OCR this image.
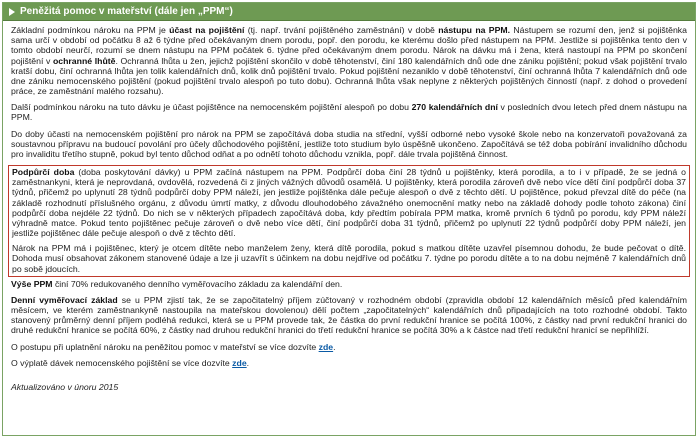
Peněžitá pomoc v mateřství (dále jen „PPM“)

Základní podmínkou nároku na PPM je účast na pojištění (tj. např. trvání pojištěného zaměstnání) v době nástupu na PPM. Nástupem se rozumí den, jenž si pojištěnka sama určí v období od počátku 8 až 6 týdne před očekávaným dnem porodu, popř. den porodu, ke kterému došlo před nástupem na PPM. Jestliže si pojištěnka tento den v tomto období neurčí, rozumí se dnem nástupu na PPM počátek 6. týdne před očekávaným dnem porodu. Nárok na dávku má i žena, která nastoupí na PPM po skončení pojištění v ochranné lhůtě. Ochranná lhůta u žen, jejichž pojištění skončilo v době těhotenství, činí 180 kalendářních dnů ode dne zániku pojištění; pokud však pojištění trvalo kratší dobu, činí ochranná lhůta jen tolik kalendářních dnů, kolik dnů pojištění trvalo. Pokud pojištění nezaniklo v době těhotenství, činí ochranná lhůta 7 kalendářních dnů ode dne zániku nemocenského pojištění (pokud pojištění trvalo alespoň po tuto dobu). Ochranná lhůta však neplyne z některých pojištěných činností (např. z dohod o provedení práce, ze zaměstnání malého rozsahu).

Další podmínkou nároku na tuto dávku je účast pojištěnce na nemocenském pojištění alespoň po dobu 270 kalendářních dní v posledních dvou letech před dnem nástupu na PPM.

Do doby účasti na nemocenském pojištění pro nárok na PPM se započítává doba studia na střední, vyšší odborné nebo vysoké škole nebo na konzervatoři považovaná za soustavnou přípravu na budoucí povolání pro účely důchodového pojištění, jestliže toto studium bylo úspěšně ukončeno. Započítává se též doba pobírání invalidního důchodu pro invaliditu třetího stupně, pokud byl tento důchod odňat a po odnětí tohoto důchodu vznikla, popř. dále trvala pojištěná činnost.

Podpůrčí doba (doba poskytování dávky) u PPM začíná nástupem na PPM. Podpůrčí doba činí 28 týdnů u pojištěnky, která porodila, a to i v případě, že se jedná o zaměstnankyni, která je neprovdaná, ovdovělá, rozvedená či z jiných vážných důvodů osamělá. U pojištěnky, která porodila zároveň dvě nebo více dětí činí podpůrčí doba 37 týdnů, přičemž po uplynutí 28 týdnů podpůrčí doby PPM náleží, jen jestliže pojištěnka dále pečuje alespoň o dvě z těchto dětí. U pojištěnce, pokud převzal dítě do péče (na základě rozhodnutí příslušného orgánu, z důvodu úmrtí matky, z důvodu dlouhodobého závažného onemocnění matky nebo na základě dohody podle tohoto zákona) činí podpůrčí doba nejdéle 22 týdnů. Do nich se v některých případech započítává doba, kdy předtím pobírala PPM matka, kromě prvních 6 týdnů po porodu, kdy PPM náleží výhradně matce. Pokud tento pojištěnec pečuje zároveň o dvě nebo více dětí, činí podpůrčí doba 31 týdnů, přičemž po uplynutí 22 týdnů podpůrčí doby PPM náleží, jen jestliže pojištěnec dále pečuje alespoň o dvě z těchto dětí.

Nárok na PPM má i pojištěnec, který je otcem dítěte nebo manželem ženy, která dítě porodila, pokud s matkou dítěte uzavřel písemnou dohodu, že bude pečovat o dítě. Dohoda musí obsahovat zákonem stanovené údaje a lze ji uzavřít s účinkem na dobu nejdříve od počátku 7. týdne po porodu dítěte a to na dobu nejméně 7 kalendářních dnů po sobě jdoucích.

Výše PPM činí 70% redukovaného denního vyměřovacího základu za kalendářní den.

Denní vyměřovací základ se u PPM zjistí tak, že se započitatelný příjem zúčtovaný v rozhodném období (zpravidla období 12 kalendářních měsíců před kalendářním měsícem, ve kterém zaměstnankyně nastoupila na mateřskou dovolenou) dělí počtem „započitatelných“ kalendářních dnů připadajících na toto rozhodné období. Takto stanovený průměrný denní příjem podléhá redukci, která se u PPM provede tak, že částka do první redukční hranice se počítá 100%, z částky nad první redukční hranici do druhé redukční hranice se počítá 60%, z částky nad druhou redukční hranici do třetí redukční hranice se počítá 30% a k částce nad třetí redukční hranicí se nepřihlíží.

O postupu při uplatnění nároku na peněžitou pomoc v mateřství se více dozvíte zde.

O výplatě dávek nemocenského pojištění se více dozvíte zde.

Aktualizováno v únoru 2015
